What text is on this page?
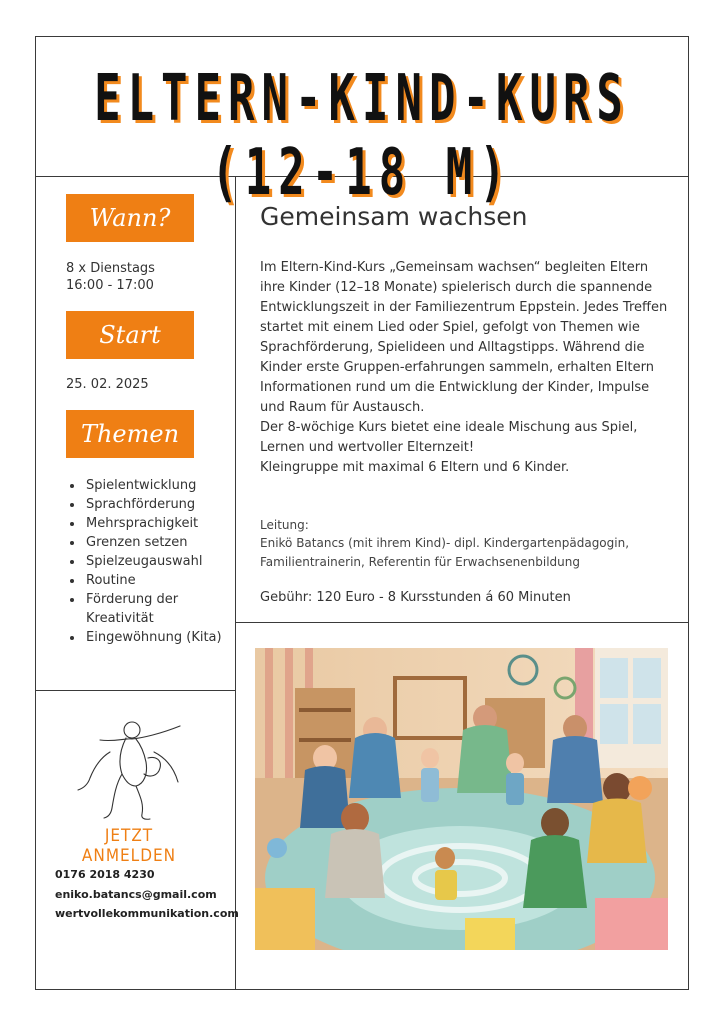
ELTERN-KIND-KURS (12-18 M)
Wann?
8 x Dienstags
16:00 - 17:00
Start
25. 02. 2025
Themen
• Spielentwicklung
• Sprachförderung
• Mehrsprachigkeit
• Grenzen setzen
• Spielzeugauswahl
• Routine
• Förderung der Kreativität
• Eingewöhnung (Kita)
JETZT ANMELDEN
0176 2018 4230
eniko.batancs@gmail.com
wertvollekommunikation.com
Gemeinsam wachsen

Im Eltern-Kind-Kurs „Gemeinsam wachsen“ begleiten Eltern ihre Kinder (12–18 Monate) spielerisch durch die spannende Entwicklungszeit in der Familiezentrum Eppstein. Jedes Treffen startet mit einem Lied oder Spiel, gefolgt von Themen wie Sprachförderung, Spielideen und Alltagstipps. Während die Kinder erste Gruppen-erfahrungen sammeln, erhalten Eltern Informationen rund um die Entwicklung der Kinder, Impulse und Raum für Austausch.

Der 8-wöchige Kurs bietet eine ideale Mischung aus Spiel, Lernen und wertvoller Elternzeit!

Kleingruppe mit maximal 6 Eltern und 6 Kinder.

Leitung:
Enikö Batancs (mit ihrem Kind)- dipl. Kindergartenpädagogin, Familientrainerin, Referentin für Erwachsenenbildung
Gebühr: 120 Euro - 8 Kursstunden á 60 Minuten
